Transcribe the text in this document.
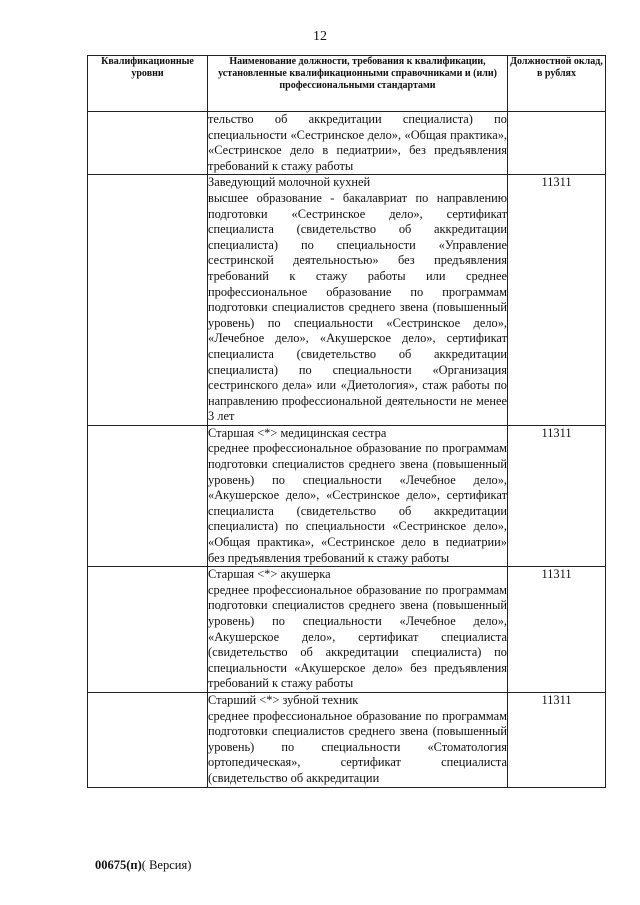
12
Квалификационные уровни	Наименование должности, требования к квалификации, установленные квалификационными справочниками и (или) профессиональными стандартами	Должностной оклад, в рублях
	тельство об аккредитации специалиста) по специальности «Сестринское дело», «Общая практика», «Сестринское дело в педиатрии», без предъявления требований к стажу работы	

	Заведующий молочной кухней
высшее образование - бакалавриат по направлению подготовки «Сестринское дело», сертификат специалиста (свидетельство об аккредитации специалиста) по специальности «Управление сестринской деятельностью» без предъявления требований к стажу работы или среднее профессиональное образование по программам подготовки специалистов среднего звена (повышенный уровень) по специальности «Сестринское дело», «Лечебное дело», «Акушерское дело», сертификат специалиста (свидетельство об аккредитации специалиста) по специальности «Организация сестринского дела» или «Диетология», стаж работы по направлению профессиональной деятельности не менее 3 лет	11311

	Старшая <*> медицинская сестра
среднее профессиональное образование по программам подготовки специалистов среднего звена (повышенный уровень) по специальности «Лечебное дело», «Акушерское дело», «Сестринское дело», сертификат специалиста (свидетельство об аккредитации специалиста) по специальности «Сестринское дело», «Общая практика», «Сестринское дело в педиатрии» без предъявления требований к стажу работы	11311

	Старшая <*> акушерка
среднее профессиональное образование по программам подготовки специалистов среднего звена (повышенный уровень) по специальности «Лечебное дело», «Акушерское дело», сертификат специалиста (свидетельство об аккредитации специалиста) по специальности «Акушерское дело» без предъявления требований к стажу работы	11311

	Старший <*> зубной техник
среднее профессиональное образование по программам подготовки специалистов среднего звена (повышенный уровень) по специальности «Стоматология ортопедическая», сертификат специалиста (свидетельство об аккредитации	11311
00675(п)( Версия)
